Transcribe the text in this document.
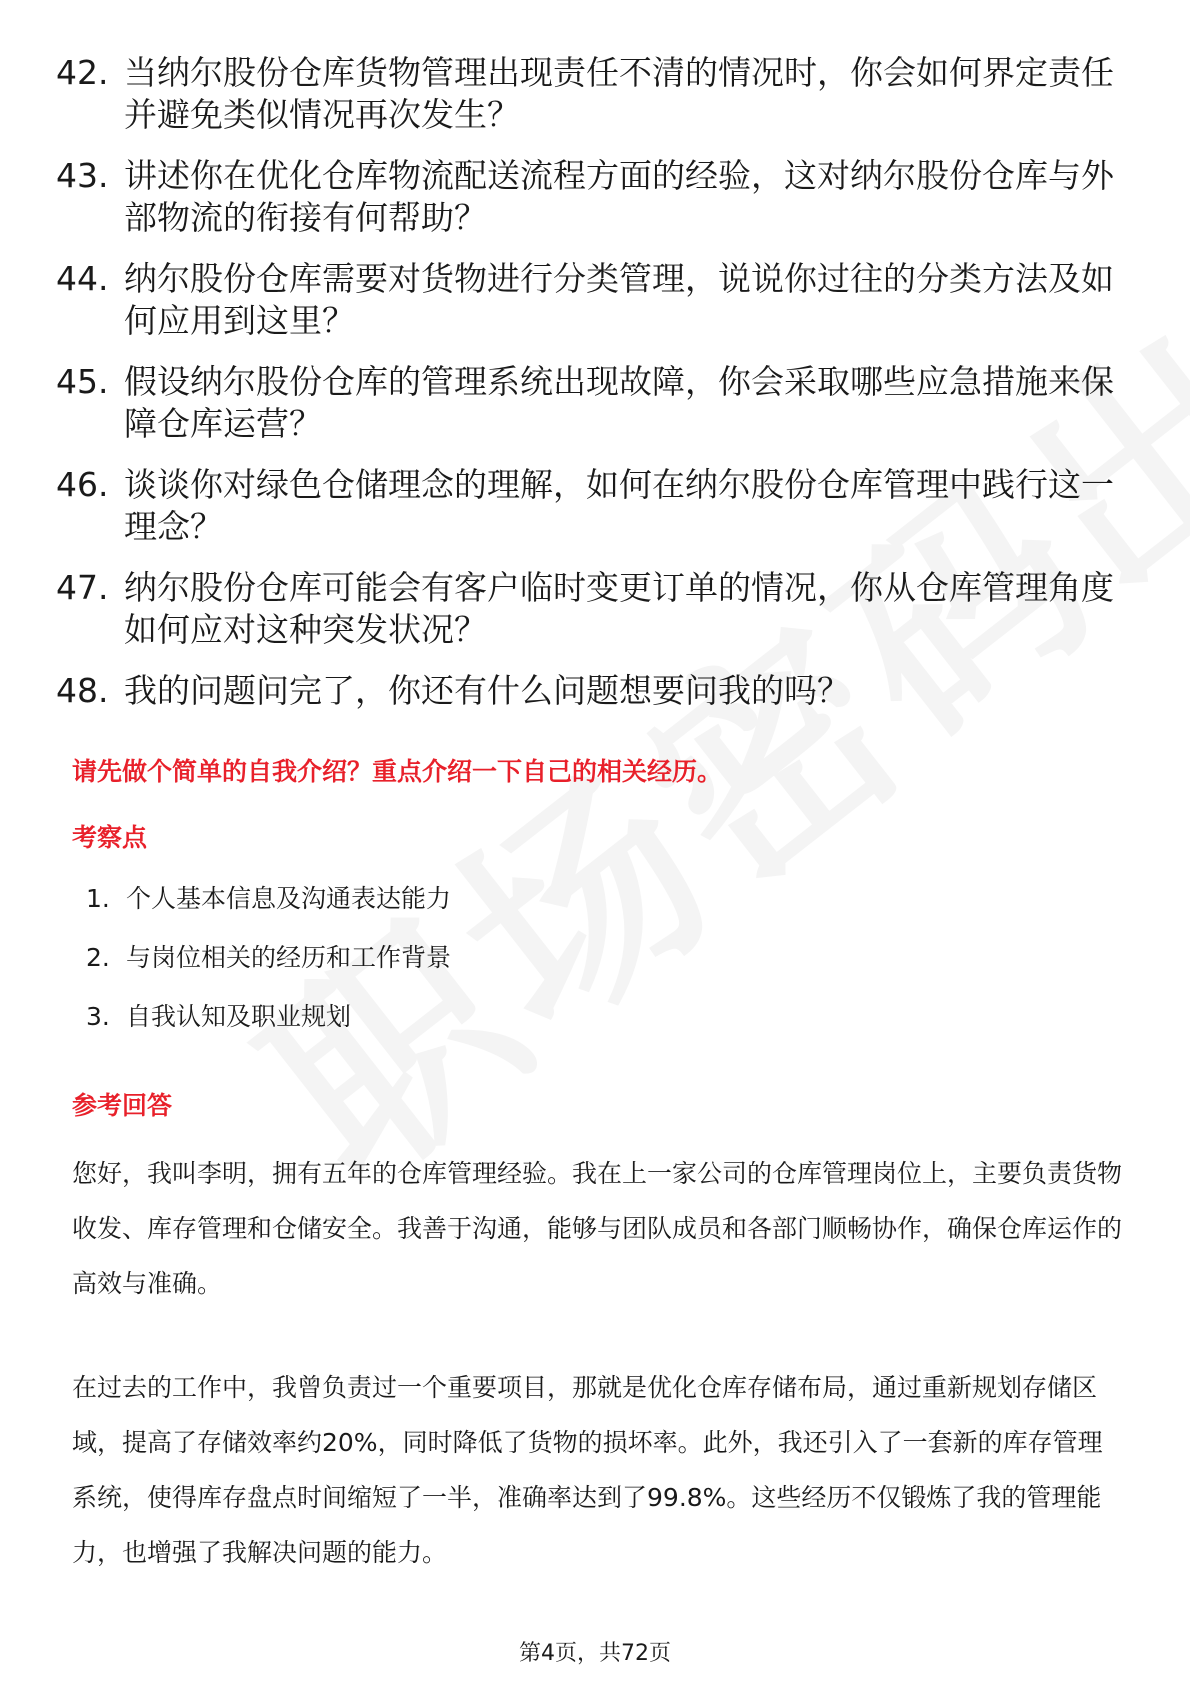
42. 当纳尔股份仓库货物管理出现责任不清的情况时，你会如何界定责任并避免类似情况再次发生？
43. 讲述你在优化仓库物流配送流程方面的经验，这对纳尔股份仓库与外部物流的衔接有何帮助？
44. 纳尔股份仓库需要对货物进行分类管理，说说你过往的分类方法及如何应用到这里？
45. 假设纳尔股份仓库的管理系统出现故障，你会采取哪些应急措施来保障仓库运营？
46. 谈谈你对绿色仓储理念的理解，如何在纳尔股份仓库管理中践行这一理念？
47. 纳尔股份仓库可能会有客户临时变更订单的情况，你从仓库管理角度如何应对这种突发状况？
48. 我的问题问完了，你还有什么问题想要问我的吗？
请先做个简单的自我介绍？重点介绍一下自己的相关经历。
考察点
1. 个人基本信息及沟通表达能力
2. 与岗位相关的经历和工作背景
3. 自我认知及职业规划
参考回答

您好，我叫李明，拥有五年的仓库管理经验。我在上一家公司的仓库管理岗位上，主要负责货物收发、库存管理和仓储安全。我善于沟通，能够与团队成员和各部门顺畅协作，确保仓库运作的高效与准确。

在过去的工作中，我曾负责过一个重要项目，那就是优化仓库存储布局，通过重新规划存储区域，提高了存储效率约20%，同时降低了货物的损坏率。此外，我还引入了一套新的库存管理系统，使得库存盘点时间缩短了一半，准确率达到了99.8%。这些经历不仅锻炼了我的管理能力，也增强了我解决问题的能力。

第4页，共72页
